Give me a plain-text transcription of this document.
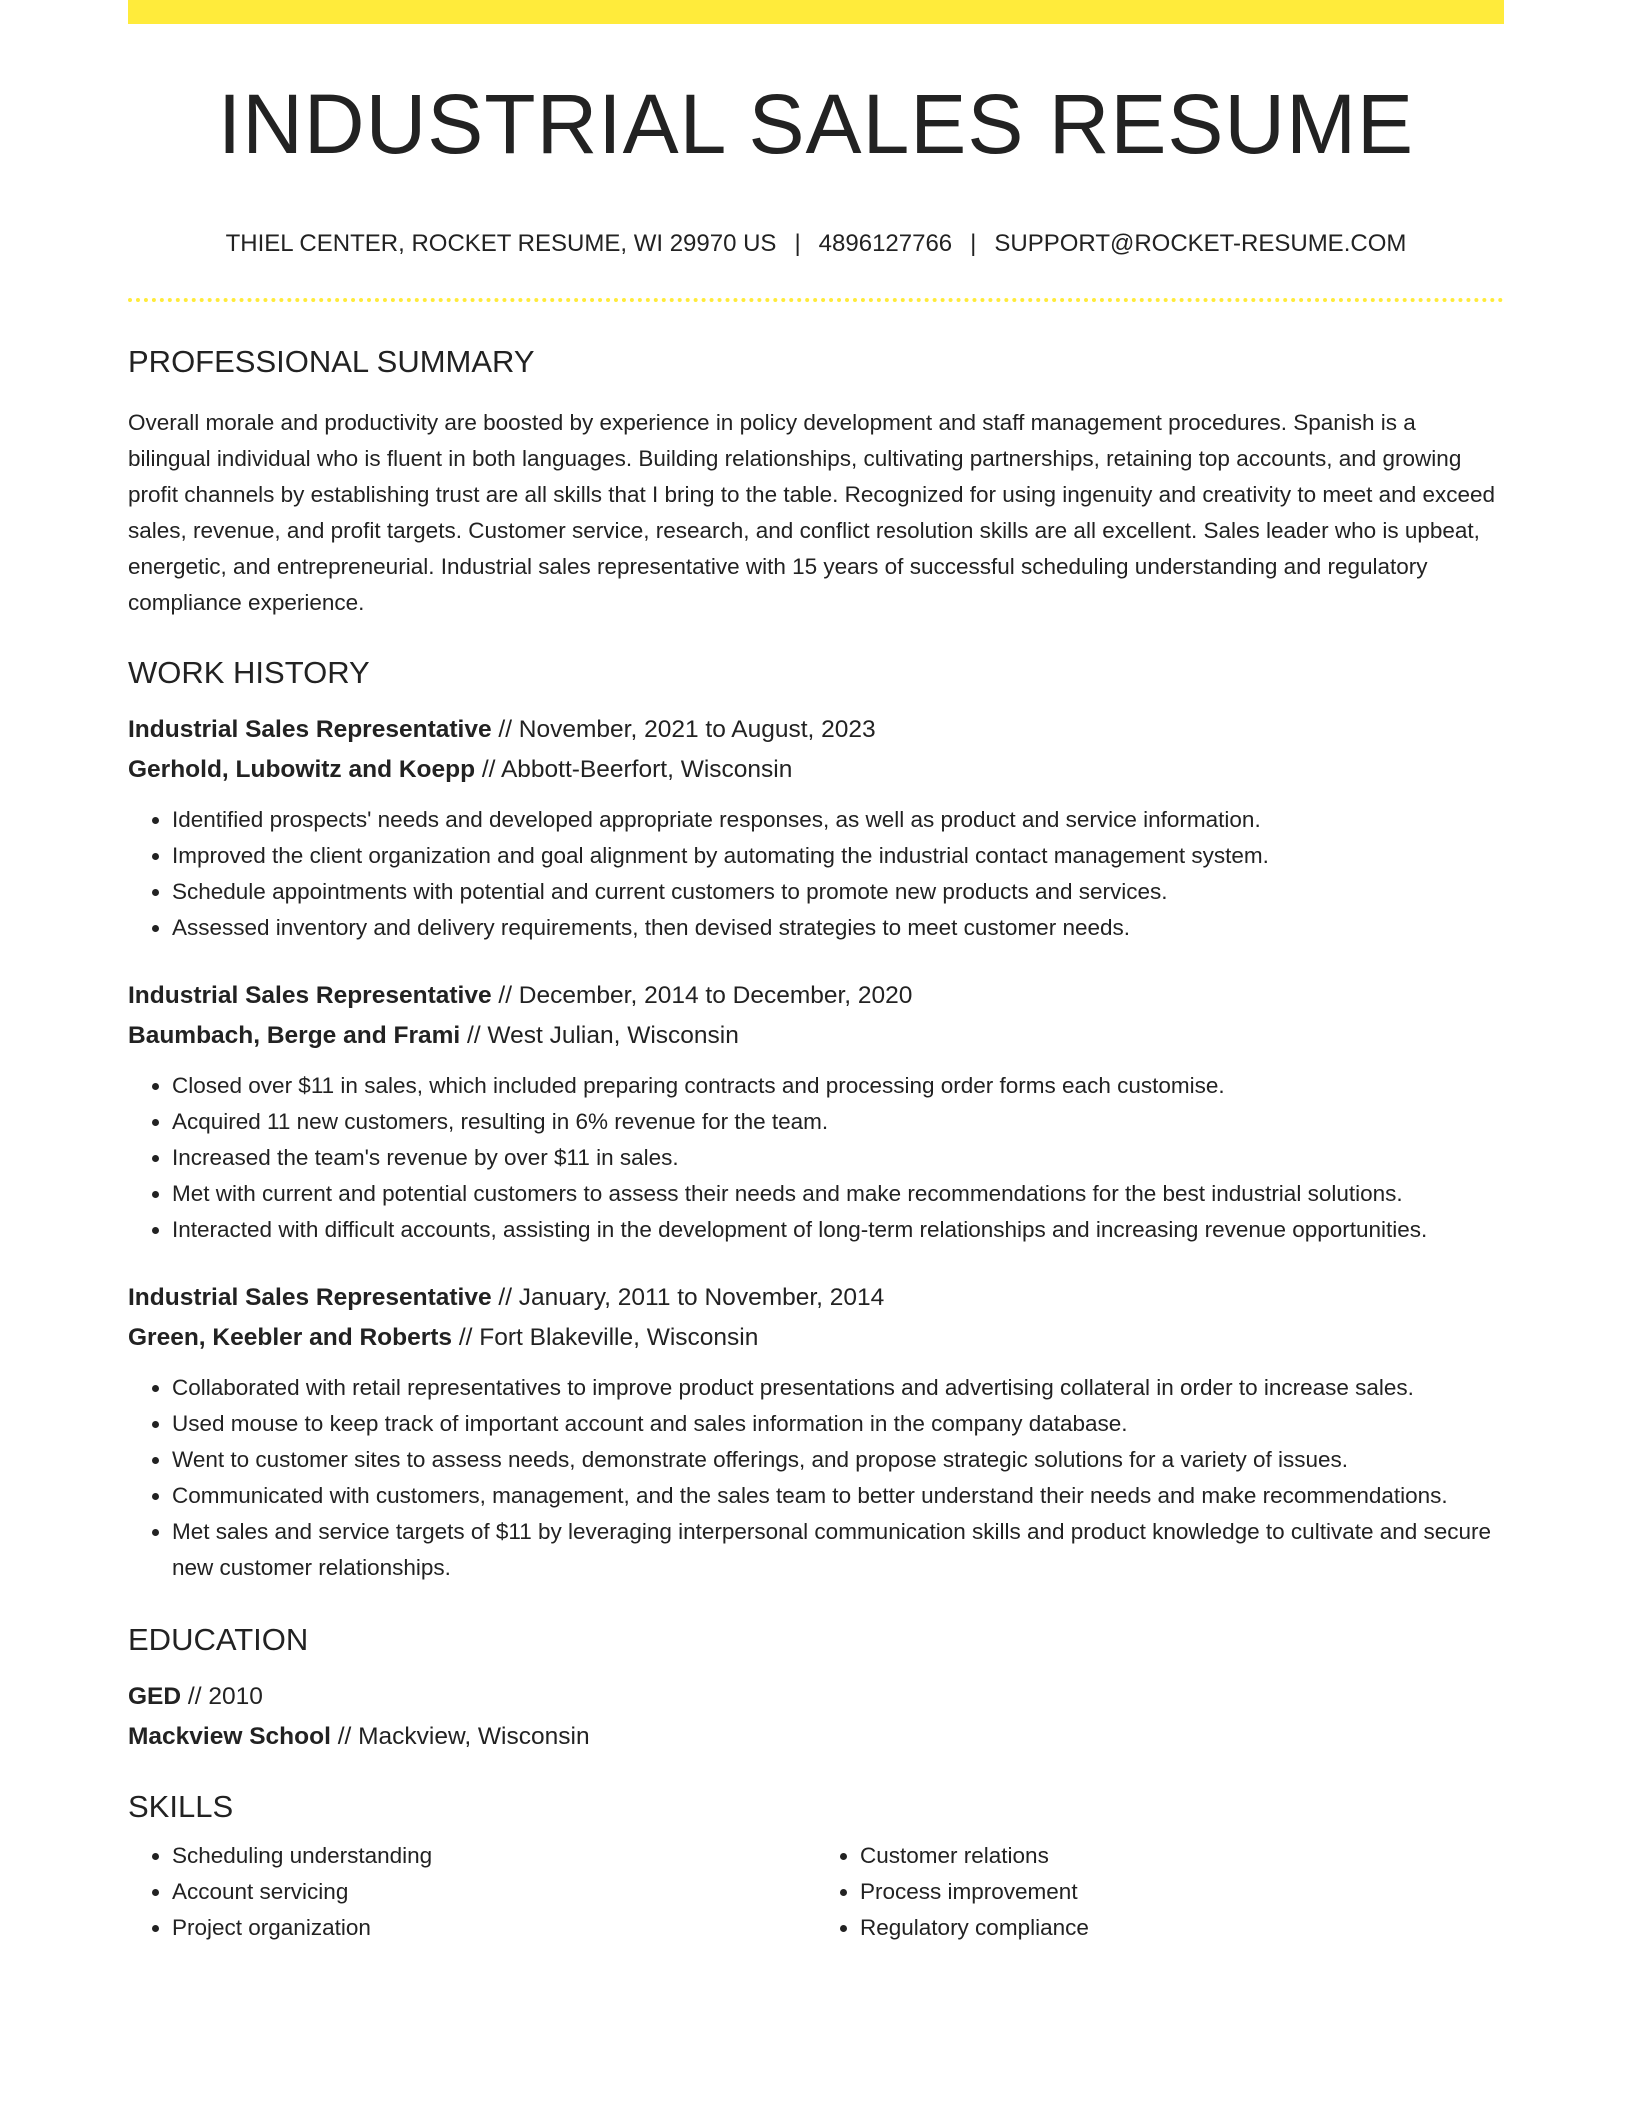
INDUSTRIAL SALES RESUME
THIEL CENTER, ROCKET RESUME, WI 29970 US | 4896127766 | SUPPORT@ROCKET-RESUME.COM
PROFESSIONAL SUMMARY

Overall morale and productivity are boosted by experience in policy development and staff management procedures. Spanish is a bilingual individual who is fluent in both languages. Building relationships, cultivating partnerships, retaining top accounts, and growing profit channels by establishing trust are all skills that I bring to the table. Recognized for using ingenuity and creativity to meet and exceed sales, revenue, and profit targets. Customer service, research, and conflict resolution skills are all excellent. Sales leader who is upbeat, energetic, and entrepreneurial. Industrial sales representative with 15 years of successful scheduling understanding and regulatory compliance experience.

WORK HISTORY
Industrial Sales Representative // November, 2021 to August, 2023
Gerhold, Lubowitz and Koepp // Abbott-Beerfort, Wisconsin
• Identified prospects' needs and developed appropriate responses, as well as product and service information.
• Improved the client organization and goal alignment by automating the industrial contact management system.
• Schedule appointments with potential and current customers to promote new products and services.
• Assessed inventory and delivery requirements, then devised strategies to meet customer needs.
Industrial Sales Representative // December, 2014 to December, 2020
Baumbach, Berge and Frami // West Julian, Wisconsin
• Closed over $11 in sales, which included preparing contracts and processing order forms each customise.
• Acquired 11 new customers, resulting in 6% revenue for the team.
• Increased the team's revenue by over $11 in sales.
• Met with current and potential customers to assess their needs and make recommendations for the best industrial solutions.
• Interacted with difficult accounts, assisting in the development of long-term relationships and increasing revenue opportunities.
Industrial Sales Representative // January, 2011 to November, 2014
Green, Keebler and Roberts // Fort Blakeville, Wisconsin
• Collaborated with retail representatives to improve product presentations and advertising collateral in order to increase sales.
• Used mouse to keep track of important account and sales information in the company database.
• Went to customer sites to assess needs, demonstrate offerings, and propose strategic solutions for a variety of issues.
• Communicated with customers, management, and the sales team to better understand their needs and make recommendations.
• Met sales and service targets of $11 by leveraging interpersonal communication skills and product knowledge to cultivate and secure new customer relationships.
EDUCATION
GED // 2010
Mackview School // Mackview, Wisconsin
SKILLS
• Scheduling understanding
• Account servicing
• Project organization
• Customer relations
• Process improvement
• Regulatory compliance
